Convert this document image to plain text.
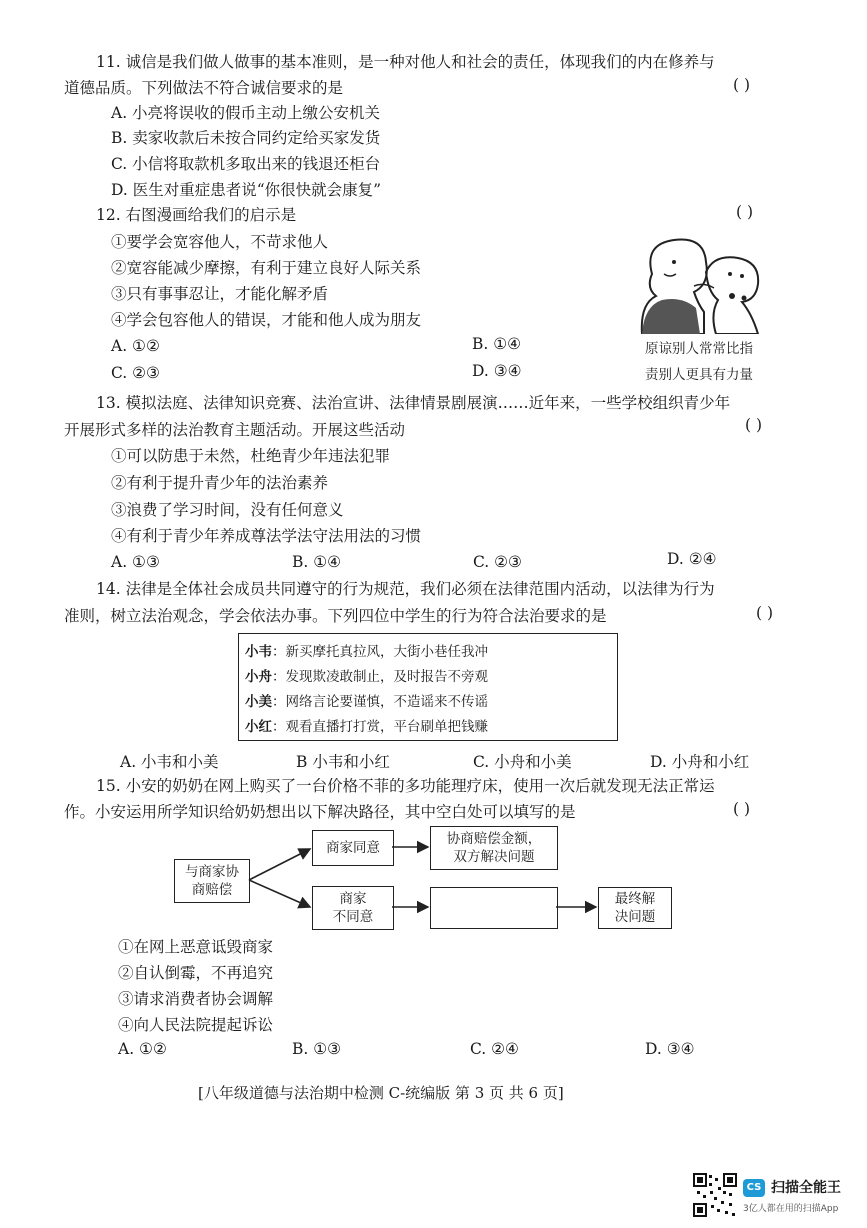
11. 诚信是我们做人做事的基本准则，是一种对他人和社会的责任，体现我们的内在修养与
道德品质。下列做法不符合诚信要求的是	( )
A. 小亮将误收的假币主动上缴公安机关
B. 卖家收款后未按合同约定给买家发货
C. 小信将取款机多取出来的钱退还柜台
D. 医生对重症患者说“你很快就会康复”
12. 右图漫画给我们的启示是	( )
①要学会宽容他人，不苛求他人
②宽容能减少摩擦，有利于建立良好人际关系
③只有事事忍让，才能化解矛盾
④学会包容他人的错误，才能和他人成为朋友
A. ①②	B. ①④
C. ②③	D. ③④
原谅别人常常比指
责别人更具有力量
13. 模拟法庭、法律知识竞赛、法治宣讲、法律情景剧展演……近年来，一些学校组织青少年
开展形式多样的法治教育主题活动。开展这些活动	( )
①可以防患于未然，杜绝青少年违法犯罪
②有利于提升青少年的法治素养
③浪费了学习时间，没有任何意义
④有利于青少年养成尊法学法守法用法的习惯
A. ①③	B. ①④	C. ②③	D. ②④
14. 法律是全体社会成员共同遵守的行为规范，我们必须在法律范围内活动，以法律为行为
准则，树立法治观念，学会依法办事。下列四位中学生的行为符合法治要求的是	( )
小韦：新买摩托真拉风，大街小巷任我冲
小舟：发现欺凌敢制止，及时报告不旁观
小美：网络言论要谨慎，不造谣来不传谣
小红：观看直播打打赏，平台刷单把钱赚
A. 小韦和小美	B 小韦和小红	C. 小舟和小美	D. 小舟和小红
15. 小安的奶奶在网上购买了一台价格不菲的多功能理疗床，使用一次后就发现无法正常运
作。小安运用所学知识给奶奶想出以下解决路径，其中空白处可以填写的是	( )
与商家协
商赔偿
商家同意
协商赔偿金额，
双方解决问题
商家
不同意
最终解
决问题
①在网上恶意诋毁商家
②自认倒霉，不再追究
③请求消费者协会调解
④向人民法院提起诉讼
A. ①②	B. ①③	C. ②④	D. ③④
[八年级道德与法治期中检测 C-统编版 第 3 页 共 6 页]
CS 扫描全能王
3亿人都在用的扫描App
